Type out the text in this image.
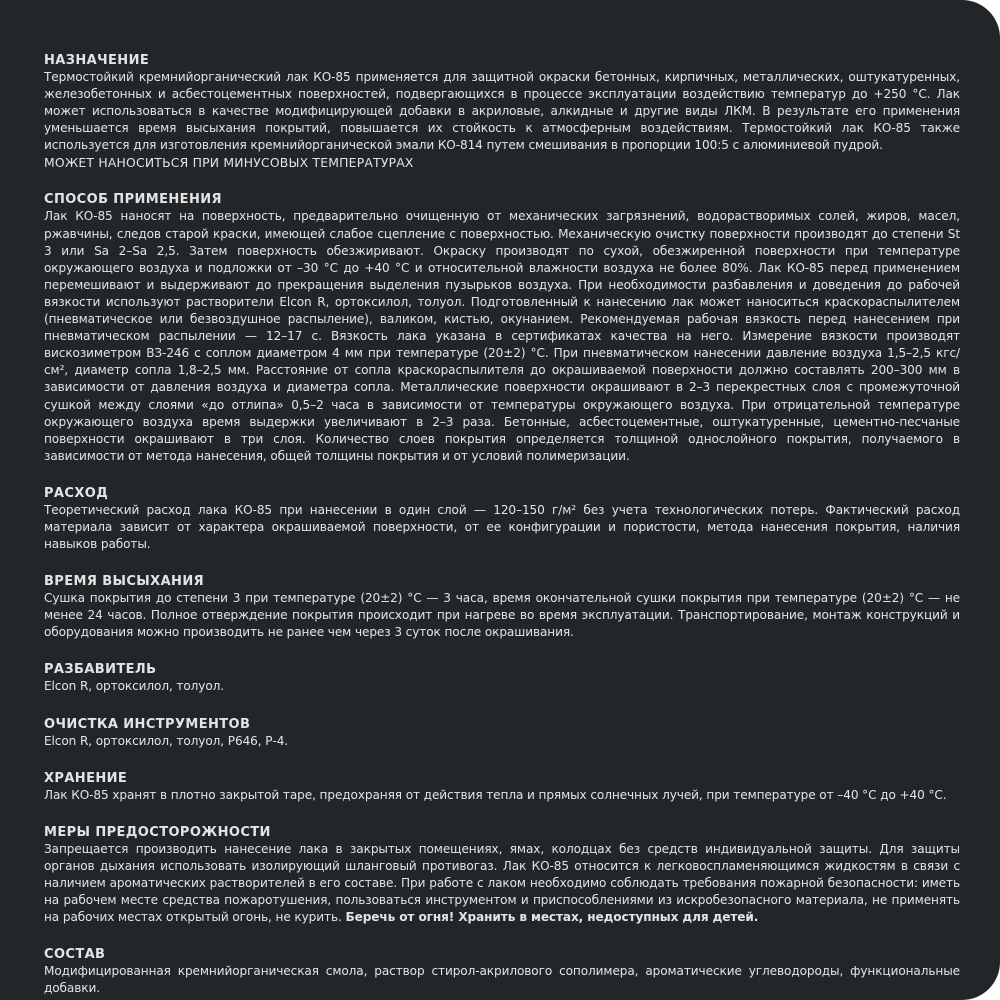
НАЗНАЧЕНИЕ

Термостойкий кремнийорганический лак КО-85 применяется для защитной окраски бетонных, кирпичных, металлических, оштукатуренных, железобетонных и асбестоцементных поверхностей, подвергающихся в процессе эксплуатации воздействию температур до +250 °С. Лак может использоваться в качестве модифицирующей добавки в акриловые, алкидные и другие виды ЛКМ. В результате его применения уменьшается время высыхания покрытий, повышается их стойкость к атмосферным воздействиям. Термостойкий лак КО-85 также используется для изготовления кремнийорганической эмали КО-814 путем смешивания в пропорции 100:5 с алюминиевой пудрой.

МОЖЕТ НАНОСИТЬСЯ ПРИ МИНУСОВЫХ ТЕМПЕРАТУРАХ

СПОСОБ ПРИМЕНЕНИЯ

Лак КО-85 наносят на поверхность, предварительно очищенную от механических загрязнений, водорастворимых солей, жиров, масел, ржавчины, следов старой краски, имеющей слабое сцепление с поверхностью. Механическую очистку поверхности производят до степени St 3 или Sa 2–Sa 2,5. Затем поверхность обезжиривают. Окраску производят по сухой, обезжиренной поверхности при температуре окружающего воздуха и подложки от –30 °С до +40 °С и относительной влажности воздуха не более 80%. Лак КО-85 перед применением перемешивают и выдерживают до прекращения выделения пузырьков воздуха. При необходимости разбавления и доведения до рабочей вязкости используют растворители Elcon R, ортоксилол, толуол. Подготовленный к нанесению лак может наноситься краскораспылителем (пневматическое или безвоздушное распыление), валиком, кистью, окунанием. Рекомендуемая рабочая вязкость перед нанесением при пневматическом распылении — 12–17 с. Вязкость лака указана в сертификатах качества на него. Измерение вязкости производят вискозиметром ВЗ-246 с соплом диаметром 4 мм при температуре (20±2) °С. При пневматическом нанесении давление воздуха 1,5–2,5 кгс/см², диаметр сопла 1,8–2,5 мм. Расстояние от сопла краскораспылителя до окрашиваемой поверхности должно составлять 200–300 мм в зависимости от давления воздуха и диаметра сопла. Металлические поверхности окрашивают в 2–3 перекрестных слоя с промежуточной сушкой между слоями «до отлипа» 0,5–2 часа в зависимости от температуры окружающего воздуха. При отрицательной температуре окружающего воздуха время выдержки увеличивают в 2–3 раза. Бетонные, асбестоцементные, оштукатуренные, цементно-песчаные поверхности окрашивают в три слоя. Количество слоев покрытия определяется толщиной однослойного покрытия, получаемого в зависимости от метода нанесения, общей толщины покрытия и от условий полимеризации.

РАСХОД

Теоретический расход лака КО-85 при нанесении в один слой — 120–150 г/м² без учета технологических потерь. Фактический расход материала зависит от характера окрашиваемой поверхности, от ее конфигурации и пористости, метода нанесения покрытия, наличия навыков работы.

ВРЕМЯ ВЫСЫХАНИЯ

Сушка покрытия до степени 3 при температуре (20±2) °С — 3 часа, время окончательной сушки покрытия при температуре (20±2) °С — не менее 24 часов. Полное отверждение покрытия происходит при нагреве во время эксплуатации. Транспортирование, монтаж конструкций и оборудования можно производить не ранее чем через 3 суток после окрашивания.

РАЗБАВИТЕЛЬ

Elcon R, ортоксилол, толуол.

ОЧИСТКА ИНСТРУМЕНТОВ

Elcon R, ортоксилол, толуол, Р646, Р-4.

ХРАНЕНИЕ

Лак КО-85 хранят в плотно закрытой таре, предохраняя от действия тепла и прямых солнечных лучей, при температуре от –40 °С до +40 °С.

МЕРЫ ПРЕДОСТОРОЖНОСТИ

Запрещается производить нанесение лака в закрытых помещениях, ямах, колодцах без средств индивидуальной защиты. Для защиты органов дыхания использовать изолирующий шланговый противогаз. Лак КО-85 относится к легковоспламеняющимся жидкостям в связи с наличием ароматических растворителей в его составе. При работе с лаком необходимо соблюдать требования пожарной безопасности: иметь на рабочем месте средства пожаротушения, пользоваться инструментом и приспособлениями из искробезопасного материала, не применять на рабочих местах открытый огонь, не курить. Беречь от огня! Хранить в местах, недоступных для детей.

СОСТАВ

Модифицированная кремнийорганическая смола, раствор стирол-акрилового сополимера, ароматические углеводороды, функциональные добавки.
